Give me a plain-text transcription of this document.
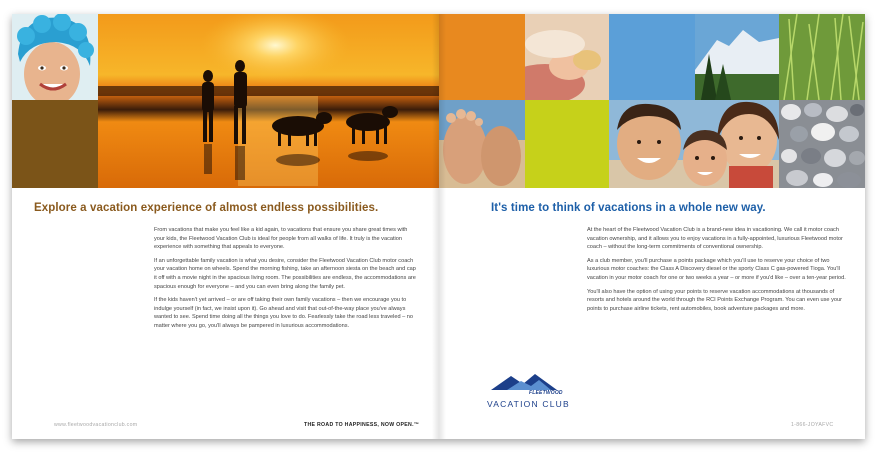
Explore a vacation experience of almost endless possibilities.

From vacations that make you feel like a kid again, to vacations that ensure you share great times with your kids, the Fleetwood Vacation Club is ideal for people from all walks of life. It truly is the vacation experience with something that appeals to everyone.

If an unforgettable family vacation is what you desire, consider the Fleetwood Vacation Club motor coach your vacation home on wheels. Spend the morning fishing, take an afternoon siesta on the beach and cap it off with a movie night in the spacious living room. The possibilities are endless, the accommodations are spacious enough for everyone – and you can even bring along the family pet.

If the kids haven't yet arrived – or are off taking their own family vacations – then we encourage you to indulge yourself (in fact, we insist upon it). Go ahead and visit that out-of-the-way place you've always wanted to see. Spend time doing all the things you love to do. Fearlessly take the road less traveled – no matter where you go, you'll always be pampered in luxurious accommodations.

www.fleetwoodvacationclub.com	THE ROAD TO HAPPINESS, NOW OPEN.™
It's time to think of vacations in a whole new way.

At the heart of the Fleetwood Vacation Club is a brand-new idea in vacationing. We call it motor coach vacation ownership, and it allows you to enjoy vacations in a fully-appointed, luxurious Fleetwood motor coach – without the long-term commitments of conventional ownership.

As a club member, you'll purchase a points package which you'll use to reserve your choice of two luxurious motor coaches: the Class A Discovery diesel or the sporty Class C gas-powered Tioga. You'll vacation in your motor coach for one or two weeks a year – or more if you'd like – over a ten-year period.

You'll also have the option of using your points to reserve vacation accommodations at thousands of resorts and hotels around the world through the RCI Points Exchange Program. You can even use your points to purchase airline tickets, rent automobiles, book adventure packages and more.

FLEETWOOD
VACATION CLUB
1-866-JOYAFVC
